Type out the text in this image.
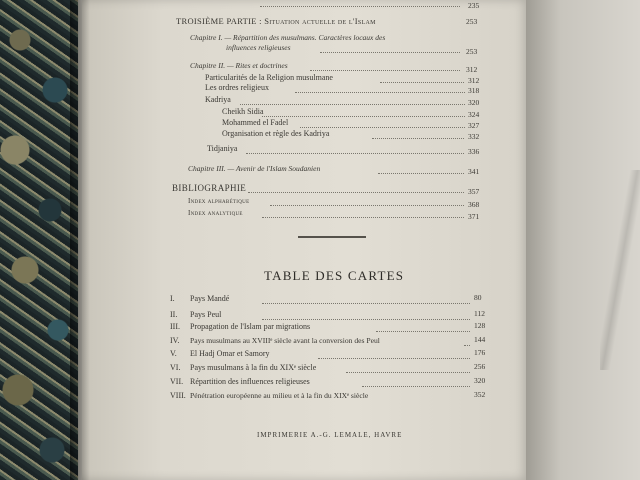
235
TROISIÈME PARTIE : Situation actuelle de l'Islam	253
Chapitre I. — Répartition des musulmans. Caractères locaux des
influences religieuses	253
Chapitre II. — Rites et doctrines	312
Particularités de la Religion musulmane	312
Les ordres religieux	318
Kadriya	320
Cheikh Sidia	324
Mohammed el Fadel	327
Organisation et règle des Kadriya	332
Tidjaniya	336
Chapitre III. — Avenir de l'Islam Soudanien	341
BIBLIOGRAPHIE	357
Index alphabétique	368
Index analytique	371
TABLE DES CARTES
I. Pays Mandé	80
II. Pays Peul	112
III. Propagation de l'Islam par migrations	128
IV. Pays musulmans au XVIIIᵉ siècle avant la conversion des Peul	144
V. El Hadj Omar et Samory	176
VI. Pays musulmans à la fin du XIXᵉ siècle	256
VII. Répartition des influences religieuses	320
VIII. Pénétration européenne au milieu et à la fin du XIXᵉ siècle	352
IMPRIMERIE A.-G. LEMALE, HAVRE
